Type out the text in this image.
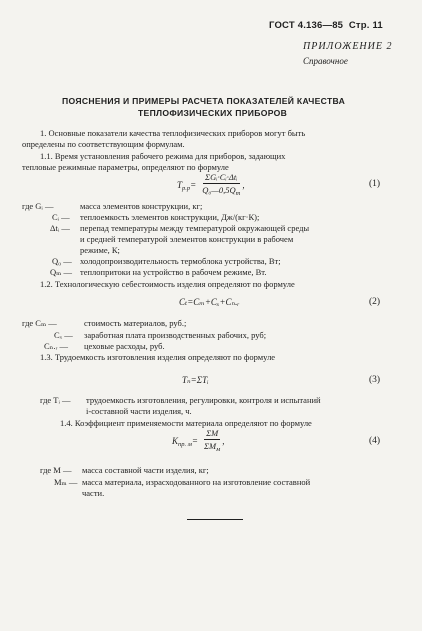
ГОСТ 4.136—85 Стр. 11
ПРИЛОЖЕНИЕ 2
Справочное
ПОЯСНЕНИЯ И ПРИМЕРЫ РАСЧЕТА ПОКАЗАТЕЛЕЙ КАЧЕСТВА
ТЕПЛОФИЗИЧЕСКИХ ПРИБОРОВ
1. Основные показатели качества теплофизических приборов могут быть
определены по соответствующим формулам.
1.1. Время установления рабочего режима для приборов, задающих
тепловые режимные параметры, определяют по формуле
$Tр.р= \frac{\text{ΣGᵢ·Cᵢ·Δtᵢ}}{Q_0—0,5Q_т}$ ,	(1)
где Gᵢ —	масса элементов конструкции, кг;
Cᵢ — теплоемкость элементов конструкции, Дж/(кг·К);
Δtᵢ — перепад температуры между температурой окружающей среды
и средней температурой элементов конструкции в рабочем
режиме, К;
Q₀ — холодопроизводительность термоблока устройства, Вт;
Qₘ — теплопритоки на устройство в рабочем режиме, Вт.
1.2. Технологическую себестоимость изделия определяют по формуле
Cₜ=Cₘ+Cₓ+Cₙ.ᵣ	(2)
где Cₘ —	стоимость материалов, руб.;
Cₓ — заработная плата производственных рабочих, руб;
Cₙ.ᵣ — цеховые расходы, руб.
1.3. Трудоемкость изготовления изделия определяют по формуле
Tₙ=ΣTᵢ	(3)
где Tᵢ — трудоемкость изготовления, регулировки, контроля и испытаний
i-составной части изделия, ч.
1.4. Коэффициент применяемости материала определяют по формуле
Kпр. $м= \frac{\Sigma M}{\Sigma M_м}$ ,	(4)
где M — масса составной части изделия, кг;
Mₘ — масса материала, израсходованного на изготовление составной
части.
